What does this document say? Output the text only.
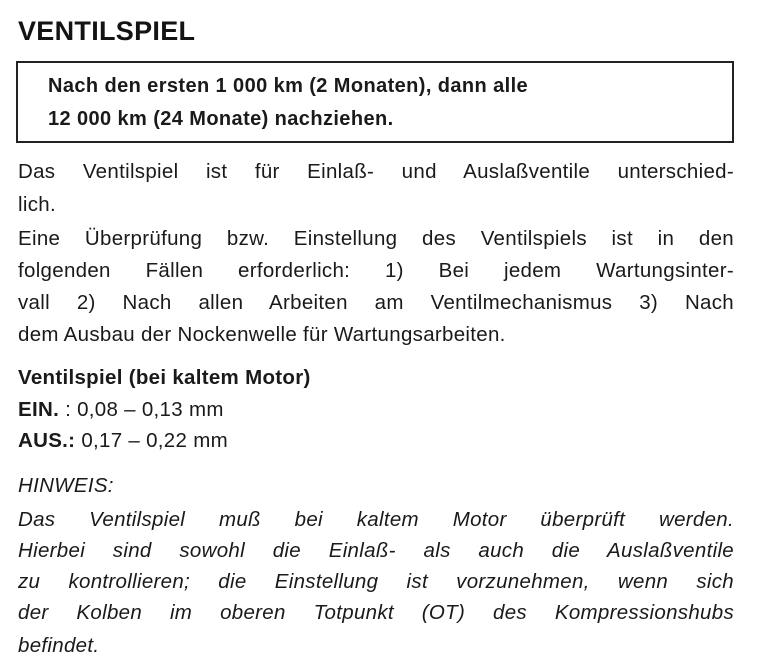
VENTILSPIEL
Nach den ersten 1 000 km (2 Monaten), dann alle
12 000 km (24 Monate) nachziehen.
Das Ventilspiel ist für Einlaß- und Auslaßventile unterschied-
lich.
Eine Überprüfung bzw. Einstellung des Ventilspiels ist in den
folgenden Fällen erforderlich: 1) Bei jedem Wartungsinter-
vall 2) Nach allen Arbeiten am Ventilmechanismus 3) Nach
dem Ausbau der Nockenwelle für Wartungsarbeiten.
Ventilspiel (bei kaltem Motor)
EIN. : 0,08 – 0,13 mm
AUS.: 0,17 – 0,22 mm
HINWEIS:
Das Ventilspiel muß bei kaltem Motor überprüft werden.
Hierbei sind sowohl die Einlaß- als auch die Auslaßventile
zu kontrollieren; die Einstellung ist vorzunehmen, wenn sich
der Kolben im oberen Totpunkt (OT) des Kompressionshubs
befindet.
